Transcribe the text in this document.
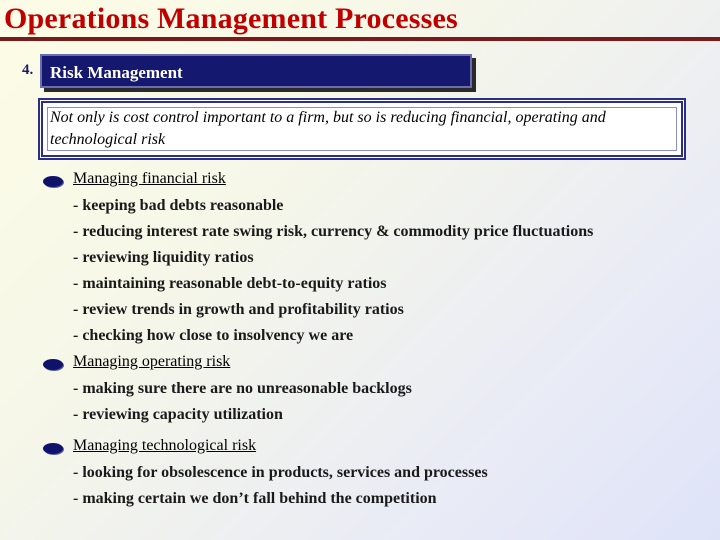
Operations Management Processes
4. Risk Management
Not only is cost control important to a firm, but so is reducing financial, operating and technological risk
Managing financial risk
- keeping bad debts reasonable
- reducing interest rate swing risk, currency & commodity price fluctuations
- reviewing liquidity ratios
- maintaining reasonable debt-to-equity ratios
- review trends in growth and profitability ratios
- checking how close to insolvency we are
Managing operating risk
- making sure there are no unreasonable backlogs
- reviewing capacity utilization
Managing technological risk
- looking for obsolescence in products, services and processes
- making certain we don’t fall behind the competition
